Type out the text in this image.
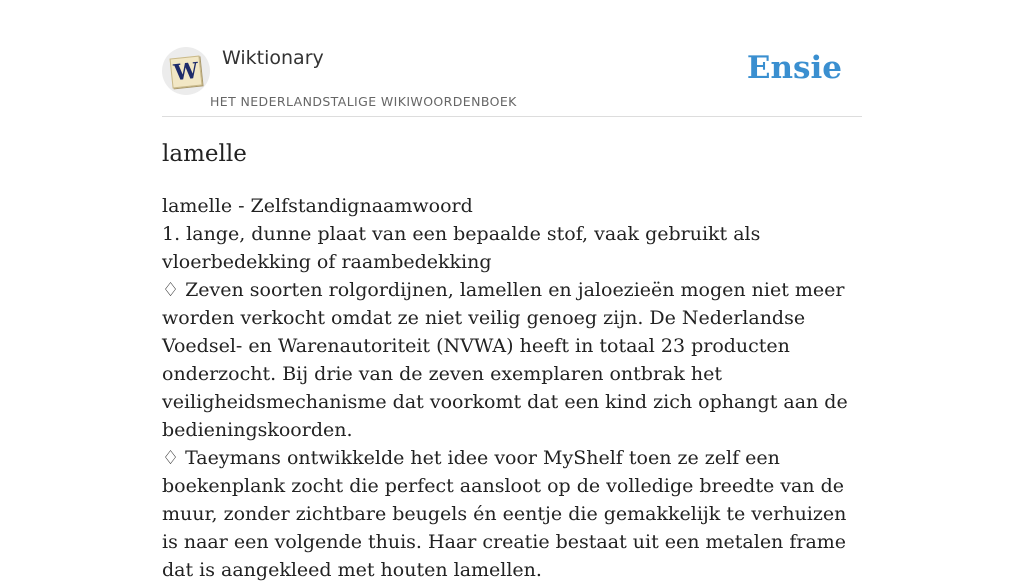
W Wiktionary
HET NEDERLANDSTALIGE WIKIWOORDENBOEK
Ensie
lamelle

lamelle - Zelfstandignaamwoord

1. lange, dunne plaat van een bepaalde stof, vaak gebruikt als vloerbedekking of raambedekking

♢ Zeven soorten rolgordijnen, lamellen en jaloezieën mogen niet meer worden verkocht omdat ze niet veilig genoeg zijn. De Nederlandse Voedsel- en Warenautoriteit (NVWA) heeft in totaal 23 producten onderzocht. Bij drie van de zeven exemplaren ontbrak het veiligheidsmechanisme dat voorkomt dat een kind zich ophangt aan de bedieningskoorden.

♢ Taeymans ontwikkelde het idee voor MyShelf toen ze zelf een boekenplank zocht die perfect aansloot op de volledige breedte van de muur, zonder zichtbare beugels én eentje die gemakkelijk te verhuizen is naar een volgende thuis. Haar creatie bestaat uit een metalen frame dat is aangekleed met houten lamellen.
